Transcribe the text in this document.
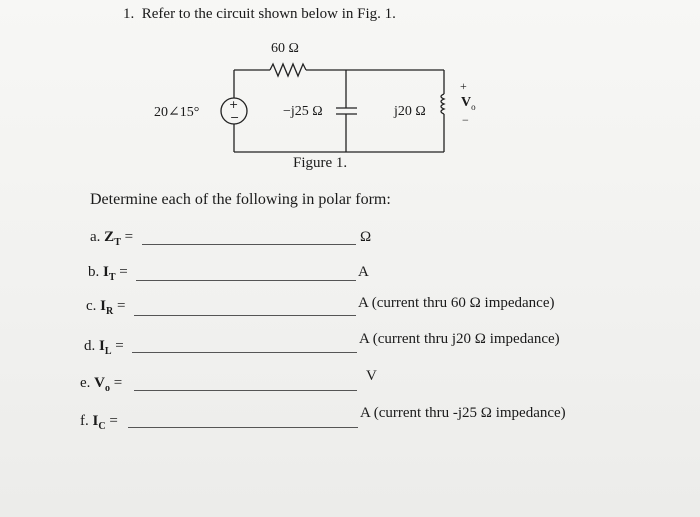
1. Refer to the circuit shown below in Fig. 1.
+
−
60 Ω
20∠15°	−j25 Ω	j20 Ω
+
$V_o$
−
Figure 1.
Determine each of the following in polar form:
a. $Z_T$ =	Ω
b. $I_T$ =	A
c. $I_R$ =	A (current thru 60 Ω impedance)
d. $I_L$ =	A (current thru j20 Ω impedance)
e. $V_o$ =	V
f. $I_C$ =	A (current thru -j25 Ω impedance)
